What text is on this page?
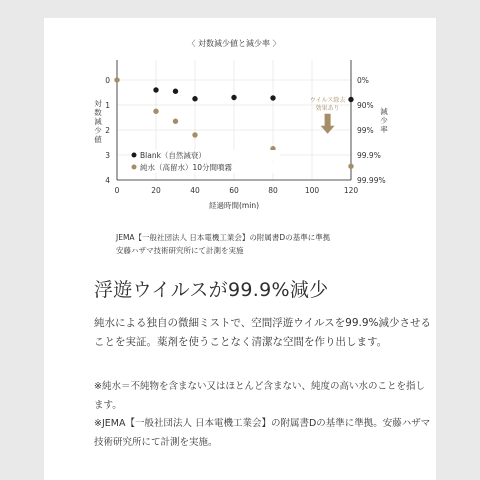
〈 対数減少値と減少率 〉
0	20	40	60	80	100	120
0
1
2
3
4
0%
90%
99%
99.9%
99.99%
経過時間(min)
対数減少値
減少率
ウイルス除去
効果あり
Blank（自然減衰）
純水（高留水）10分間噴霧
JEMA【一般社団法人 日本電機工業会】の附属書Dの基準に準拠
安藤ハザマ技術研究所にて計測を実施
浮遊ウイルスが99.9%減少

純水による独自の微細ミストで、空間浮遊ウイルスを99.9%減少させることを実証。薬剤を使うことなく清潔な空間を作り出します。

※純水＝不純物を含まない又はほとんど含まない、純度の高い水のことを指します。

※JEMA【一般社団法人 日本電機工業会】の附属書Dの基準に準拠。安藤ハザマ技術研究所にて計測を実施。
